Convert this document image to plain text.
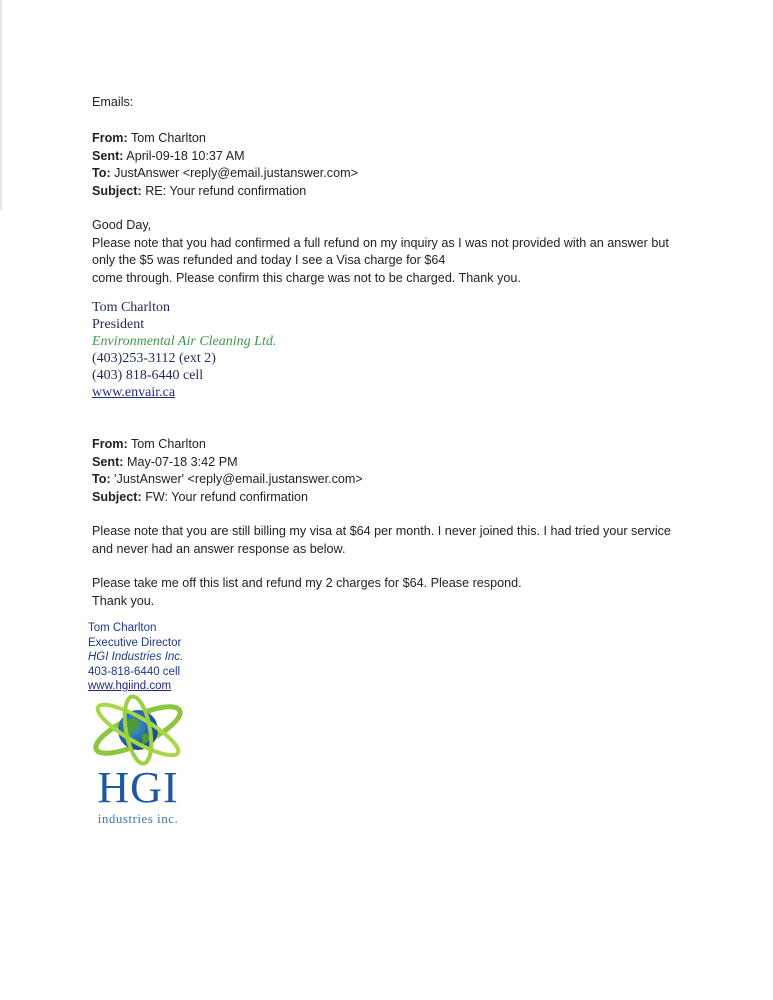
Emails:
From: Tom Charlton
Sent: April-09-18 10:37 AM
To: JustAnswer <reply@email.justanswer.com>
Subject: RE: Your refund confirmation

Good Day,

Please note that you had confirmed a full refund on my inquiry as I was not provided with an answer but

only the $5 was refunded and today I see a Visa charge for $64

come through. Please confirm this charge was not to be charged. Thank you.

Tom Charlton
President
Environmental Air Cleaning Ltd.
(403)253-3112 (ext 2)
(403) 818-6440 cell
www.envair.ca
From: Tom Charlton
Sent: May-07-18 3:42 PM
To: 'JustAnswer' <reply@email.justanswer.com>
Subject: FW: Your refund confirmation

Please note that you are still billing my visa at $64 per month. I never joined this. I had tried your service

and never had an answer response as below.

Please take me off this list and refund my 2 charges for $64. Please respond.

Thank you.

Tom Charlton
Executive Director
HGI Industries Inc.
403-818-6440 cell
www.hgiind.com
HGI
industries inc.
